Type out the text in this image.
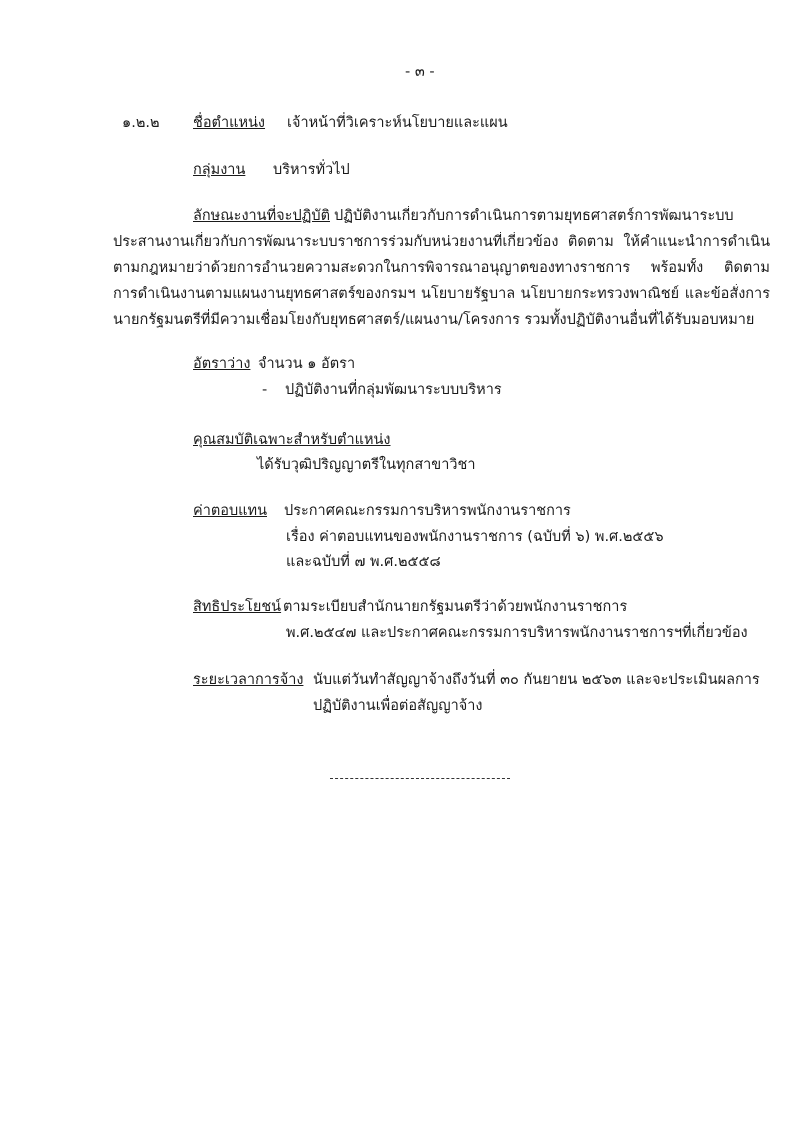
- ๓ -
๑.๒.๒ ชื่อตำแหน่ง เจ้าหน้าที่วิเคราะห์นโยบายและแผน
กลุ่มงาน บริหารทั่วไป
ลักษณะงานที่จะปฏิบัติ ปฏิบัติงานเกี่ยวกับการดำเนินการตามยุทธศาสตร์การพัฒนาระบบ
ประสานงานเกี่ยวกับการพัฒนาระบบราชการร่วมกับหน่วยงานที่เกี่ยวข้อง ติดตาม ให้คำแนะนำการดำเนิน
ตามกฎหมายว่าด้วยการอำนวยความสะดวกในการพิจารณาอนุญาตของทางราชการ พร้อมทั้ง ติดตาม
การดำเนินงานตามแผนงานยุทธศาสตร์ของกรมฯ นโยบายรัฐบาล นโยบายกระทรวงพาณิชย์ และข้อสั่งการ
นายกรัฐมนตรีที่มีความเชื่อมโยงกับยุทธศาสตร์/แผนงาน/โครงการ รวมทั้งปฏิบัติงานอื่นที่ได้รับมอบหมาย
อัตราว่าง จำนวน ๑ อัตรา
- ปฏิบัติงานที่กลุ่มพัฒนาระบบบริหาร
คุณสมบัติเฉพาะสำหรับตำแหน่ง
ได้รับวุฒิปริญญาตรีในทุกสาขาวิชา
ค่าตอบแทน ประกาศคณะกรรมการบริหารพนักงานราชการ
เรื่อง ค่าตอบแทนของพนักงานราชการ (ฉบับที่ ๖) พ.ศ.๒๕๕๖
และฉบับที่ ๗ พ.ศ.๒๕๕๘
สิทธิประโยชน์ ตามระเบียบสำนักนายกรัฐมนตรีว่าด้วยพนักงานราชการ
พ.ศ.๒๕๔๗ และประกาศคณะกรรมการบริหารพนักงานราชการฯที่เกี่ยวข้อง
ระยะเวลาการจ้าง นับแต่วันทำสัญญาจ้างถึงวันที่ ๓๐ กันยายน ๒๕๖๓ และจะประเมินผลการ
ปฏิบัติงานเพื่อต่อสัญญาจ้าง
